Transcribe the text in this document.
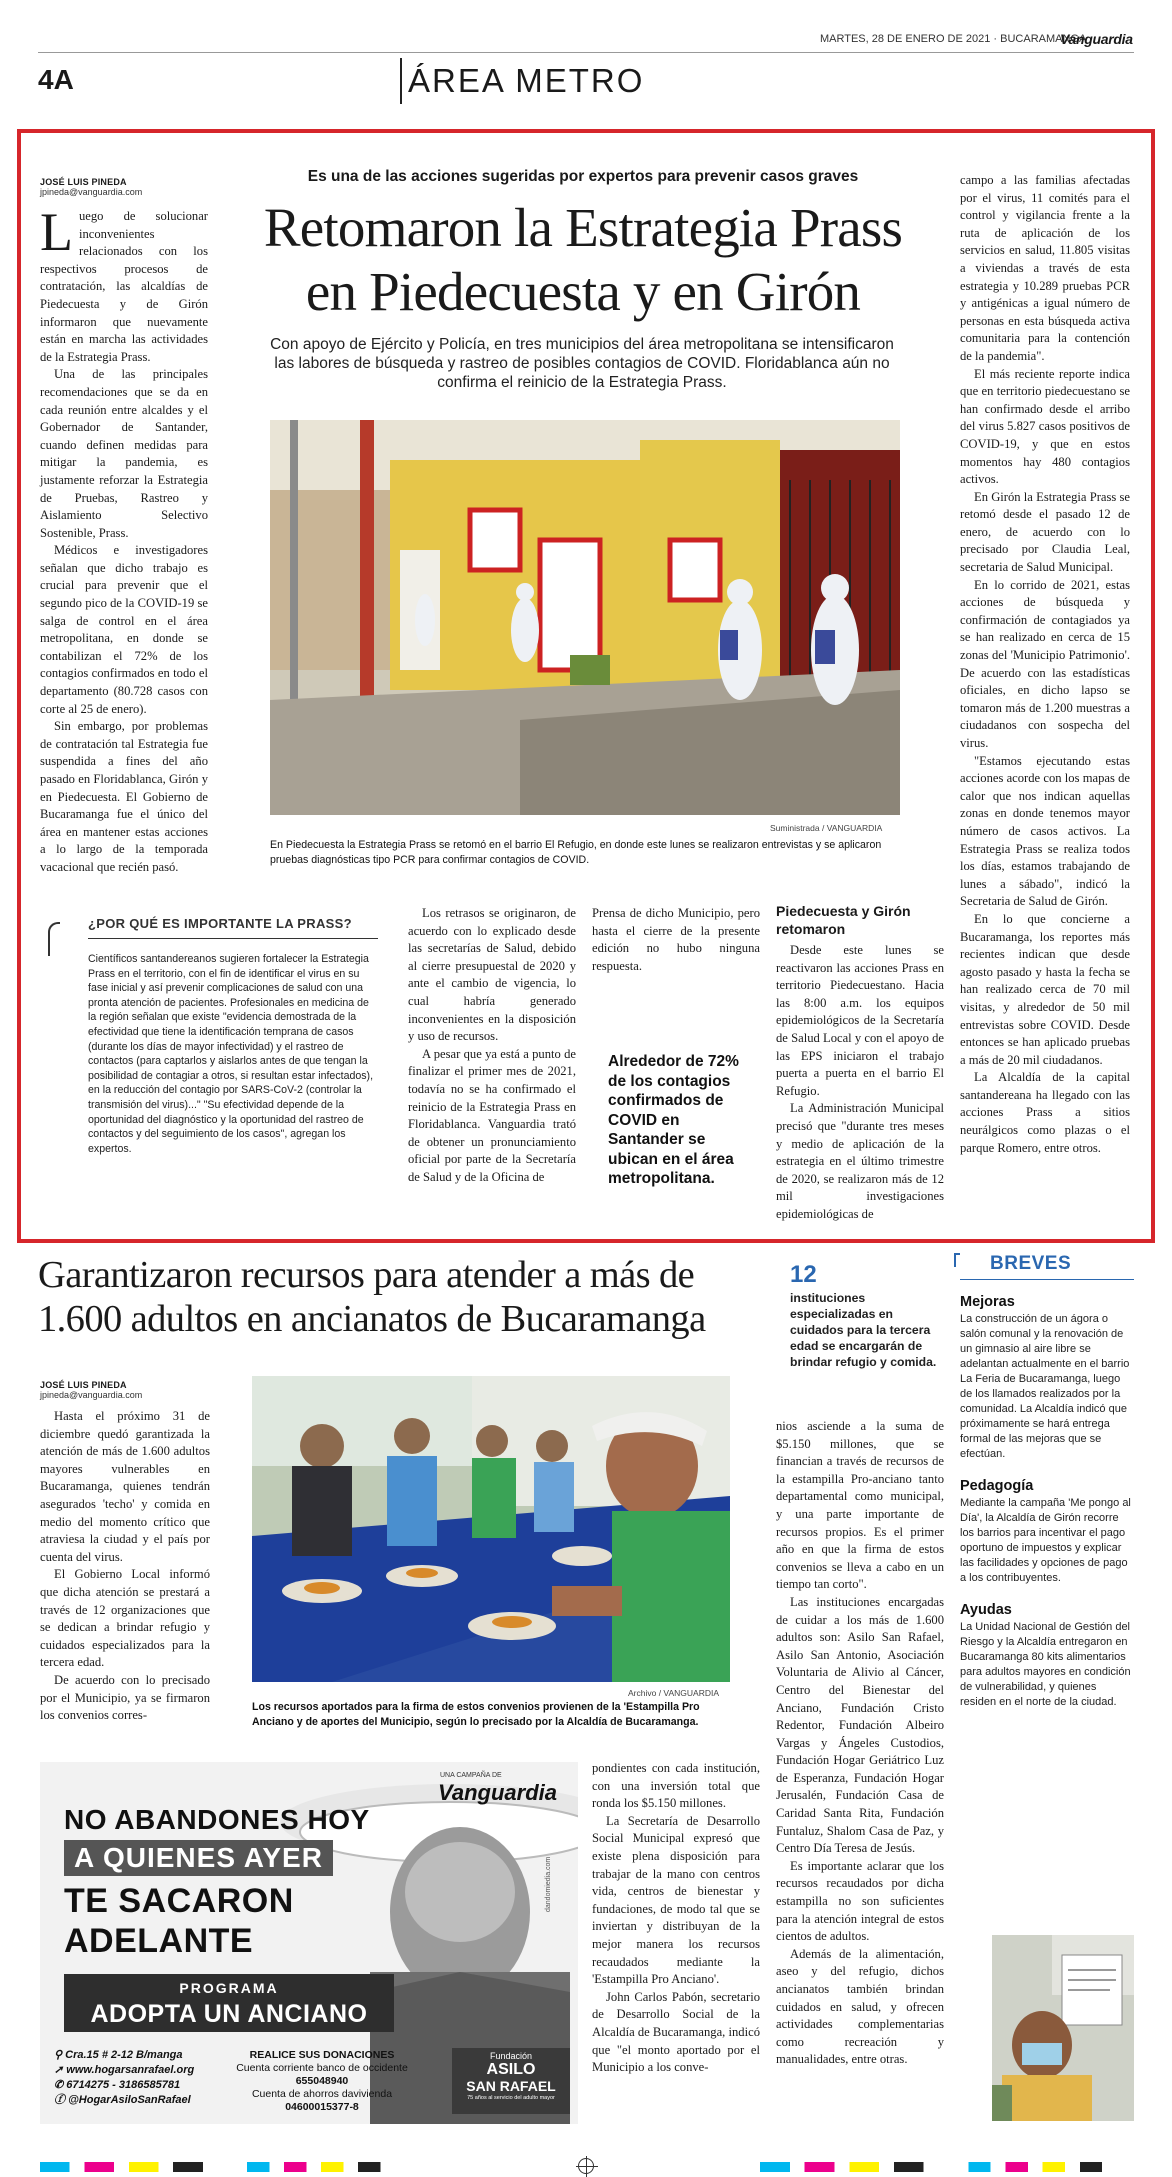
MARTES, 28 DE ENERO DE 2021 · BUCARAMANGA
Vanguardia
4A	ÁREA METRO
JOSÉ LUIS PINEDA
jpineda@vanguardia.com

Luego de solucionar inconvenientes relacionados con los respectivos procesos de contratación, las alcaldías de Piedecuesta y de Girón informaron que nuevamente están en marcha las actividades de la Estrategia Prass.

Una de las principales recomendaciones que se da en cada reunión entre alcaldes y el Gobernador de Santander, cuando definen medidas para mitigar la pandemia, es justamente reforzar la Estrategia de Pruebas, Rastreo y Aislamiento Selectivo Sostenible, Prass.

Médicos e investigadores señalan que dicho trabajo es crucial para prevenir que el segundo pico de la COVID-19 se salga de control en el área metropolitana, en donde se contabilizan el 72% de los contagios confirmados en todo el departamento (80.728 casos con corte al 25 de enero).

Sin embargo, por problemas de contratación tal Estrategia fue suspendida a fines del año pasado en Floridablanca, Girón y en Piedecuesta. El Gobierno de Bucaramanga fue el único del área en mantener estas acciones a lo largo de la temporada vacacional que recién pasó.

Es una de las acciones sugeridas por expertos para prevenir casos graves
Retomaron la Estrategia Prass
en Piedecuesta y en Girón
Con apoyo de Ejército y Policía, en tres municipios del área metropolitana se intensificaron las labores de búsqueda y rastreo de posibles contagios de COVID. Floridablanca aún no confirma el reinicio de la Estrategia Prass.
Suministrada / VANGUARDIA
En Piedecuesta la Estrategia Prass se retomó en el barrio El Refugio, en donde este lunes se realizaron entrevistas y se aplicaron pruebas diagnósticas tipo PCR para confirmar contagios de COVID.
¿POR QUÉ ES IMPORTANTE LA PRASS?
Científicos santandereanos sugieren fortalecer la Estrategia Prass en el territorio, con el fin de identificar el virus en su fase inicial y así prevenir complicaciones de salud con una pronta atención de pacientes. Profesionales en medicina de la región señalan que existe "evidencia demostrada de la efectividad que tiene la identificación temprana de casos (durante los días de mayor infectividad) y el rastreo de contactos (para captarlos y aislarlos antes de que tengan la posibilidad de contagiar a otros, si resultan estar infectados), en la reducción del contagio por SARS-CoV-2 (controlar la transmisión del virus)..." "Su efectividad depende de la oportunidad del diagnóstico y la oportunidad del rastreo de contactos y del seguimiento de los casos", agregan los expertos.

Los retrasos se originaron, de acuerdo con lo explicado desde las secretarías de Salud, debido al cierre presupuestal de 2020 y ante el cambio de vigencia, lo cual habría generado inconvenientes en la disposición y uso de recursos.

A pesar que ya está a punto de finalizar el primer mes de 2021, todavía no se ha confirmado el reinicio de la Estrategia Prass en Floridablanca. Vanguardia trató de obtener un pronunciamiento oficial por parte de la Secretaría de Salud y de la Oficina de

Prensa de dicho Municipio, pero hasta el cierre de la presente edición no hubo ninguna respuesta.

Alrededor de 72% de los contagios confirmados de COVID en Santander se ubican en el área metropolitana.
Piedecuesta y Girón retomaron

Desde este lunes se reactivaron las acciones Prass en territorio Piedecuestano. Hacia las 8:00 a.m. los equipos epidemiológicos de la Secretaría de Salud Local y con el apoyo de las EPS iniciaron el trabajo puerta a puerta en el barrio El Refugio.

La Administración Municipal precisó que "durante tres meses y medio de aplicación de la estrategia en el último trimestre de 2020, se realizaron más de 12 mil investigaciones epidemiológicas de

campo a las familias afectadas por el virus, 11 comités para el control y vigilancia frente a la ruta de aplicación de los servicios en salud, 11.805 visitas a viviendas a través de esta estrategia y 10.289 pruebas PCR y antigénicas a igual número de personas en esta búsqueda activa comunitaria para la contención de la pandemia".

El más reciente reporte indica que en territorio piedecuestano se han confirmado desde el arribo del virus 5.827 casos positivos de COVID-19, y que en estos momentos hay 480 contagios activos.

En Girón la Estrategia Prass se retomó desde el pasado 12 de enero, de acuerdo con lo precisado por Claudia Leal, secretaria de Salud Municipal.

En lo corrido de 2021, estas acciones de búsqueda y confirmación de contagiados ya se han realizado en cerca de 15 zonas del 'Municipio Patrimonio'. De acuerdo con las estadísticas oficiales, en dicho lapso se tomaron más de 1.200 muestras a ciudadanos con sospecha del virus.

"Estamos ejecutando estas acciones acorde con los mapas de calor que nos indican aquellas zonas en donde tenemos mayor número de casos activos. La Estrategia Prass se realiza todos los días, estamos trabajando de lunes a sábado", indicó la Secretaria de Salud de Girón.

En lo que concierne a Bucaramanga, los reportes más recientes indican que desde agosto pasado y hasta la fecha se han realizado cerca de 70 mil visitas, y alrededor de 50 mil entrevistas sobre COVID. Desde entonces se han aplicado pruebas a más de 20 mil ciudadanos.

La Alcaldía de la capital santandereana ha llegado con las acciones Prass a sitios neurálgicos como plazas o el parque Romero, entre otros.

Garantizaron recursos para atender a más de
1.600 adultos en ancianatos de Bucaramanga
12
instituciones especializadas en cuidados para la tercera edad se encargarán de brindar refugio y comida.
JOSÉ LUIS PINEDA
jpineda@vanguardia.com

Hasta el próximo 31 de diciembre quedó garantizada la atención de más de 1.600 adultos mayores vulnerables en Bucaramanga, quienes tendrán asegurados 'techo' y comida en medio del momento crítico que atraviesa la ciudad y el país por cuenta del virus.

El Gobierno Local informó que dicha atención se prestará a través de 12 organizaciones que se dedican a brindar refugio y cuidados especializados para la tercera edad.

De acuerdo con lo precisado por el Municipio, ya se firmaron los convenios corres-

Archivo / VANGUARDIA
Los recursos aportados para la firma de estos convenios provienen de la 'Estampilla Pro Anciano y de aportes del Municipio, según lo precisado por la Alcaldía de Bucaramanga.

nios asciende a la suma de $5.150 millones, que se financian a través de recursos de la estampilla Pro-anciano tanto departamental como municipal, y una parte importante de recursos propios. Es el primer año en que la firma de estos convenios se lleva a cabo en un tiempo tan corto".

Las instituciones encargadas de cuidar a los más de 1.600 adultos son: Asilo San Rafael, Asilo San Antonio, Asociación Voluntaria de Alivio al Cáncer, Centro del Bienestar del Anciano, Fundación Cristo Redentor, Fundación Albeiro Vargas y Ángeles Custodios, Fundación Hogar Geriátrico Luz de Esperanza, Fundación Hogar Jerusalén, Fundación Casa de Caridad Santa Rita, Fundación Funtaluz, Shalom Casa de Paz, y Centro Día Teresa de Jesús.

Es importante aclarar que los recursos recaudados por dicha estampilla no son suficientes para la atención integral de estos cientos de adultos.

Además de la alimentación, aseo y del refugio, dichos ancianatos también brindan cuidados en salud, y ofrecen actividades complementarias como recreación y manualidades, entre otras.

pondientes con cada institución, con una inversión total que ronda los $5.150 millones.

La Secretaría de Desarrollo Social Municipal expresó que existe plena disposición para trabajar de la mano con centros vida, centros de bienestar y fundaciones, de modo tal que se inviertan y distribuyan de la mejor manera los recursos recaudados mediante la 'Estampilla Pro Anciano'.

John Carlos Pabón, secretario de Desarrollo Social de la Alcaldía de Bucaramanga, indicó que "el monto aportado por el Municipio a los conve-

UNA CAMPAÑA DE
Vanguardia
NO ABANDONES HOY
A QUIENES AYER
TE SACARON
ADELANTE
dandomiedia.com
PROGRAMA
ADOPTA UN ANCIANO
⚲ Cra.15 # 2-12 B/manga
➚ www.hogarsanrafael.org
✆ 6714275 - 3186585781
ⓕ @HogarAsiloSanRafael
REALICE SUS DONACIONES
Cuenta corriente banco de occidente
655048940
Cuenta de ahorros davivienda
04600015377-8
Fundación
ASILO
SAN RAFAEL
75 años al servicio del adulto mayor
BREVES
Mejoras
La construcción de un ágora o salón comunal y la renovación de un gimnasio al aire libre se adelantan actualmente en el barrio La Feria de Bucaramanga, luego de los llamados realizados por la comunidad. La Alcaldía indicó que próximamente se hará entrega formal de las mejoras que se efectúan.
Pedagogía
Mediante la campaña 'Me pongo al Día', la Alcaldía de Girón recorre los barrios para incentivar el pago oportuno de impuestos y explicar las facilidades y opciones de pago a los contribuyentes.
Ayudas
La Unidad Nacional de Gestión del Riesgo y la Alcaldía entregaron en Bucaramanga 80 kits alimentarios para adultos mayores en condición de vulnerabilidad, y quienes residen en el norte de la ciudad.
